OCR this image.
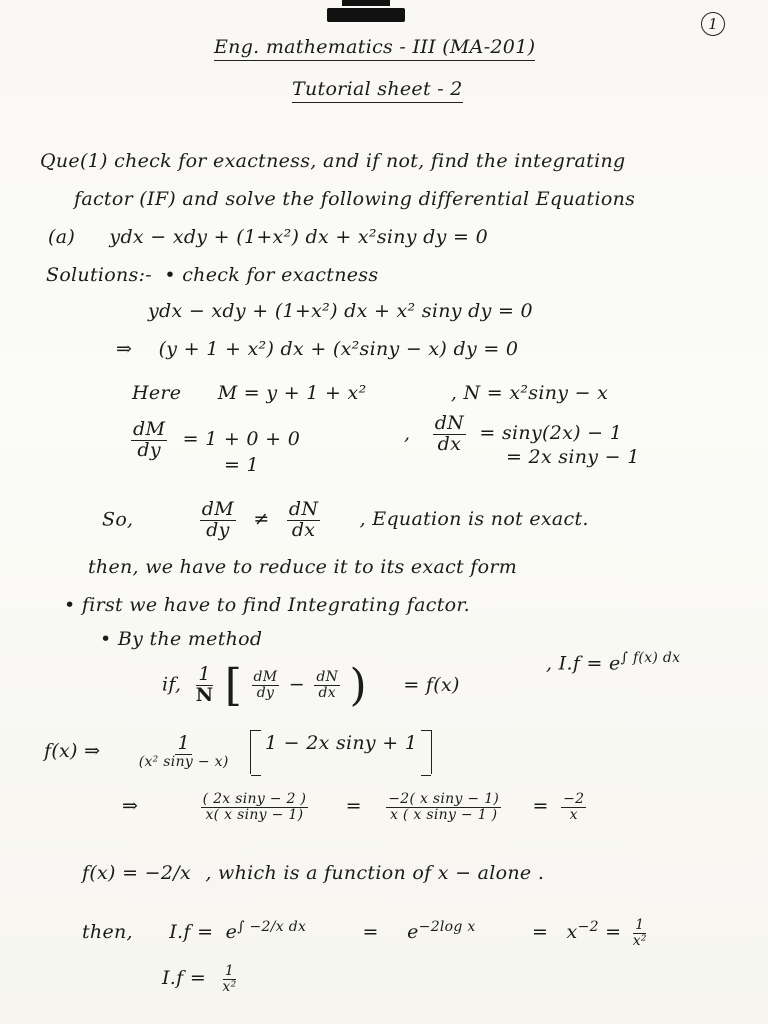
1
Eng. mathematics - III (MA-201)
Tutorial sheet - 2
Que(1) check for exactness, and if not, find the integrating
factor (IF) and solve the following differential Equations
(a) ydx − xdy + (1+x²) dx + x²siny dy = 0
Solutions:- • check for exactness
ydx − xdy + (1+x²) dx + x² siny dy = 0
⇒ (y + 1 + x²) dx + (x²siny − x) dy = 0
Here M = y + 1 + x²	, N = x²siny − x
$\frac{dM}{dy} = 1 + 0 + 0$
= 1
, $\frac{dN}{dx} = \sin y(2x) - 1$
= 2x siny − 1
So,	$\frac{dM}{dy} \ne \frac{dN}{dx}$ , Equation is not exact.
then, we have to reduce it to its exact form
• first we have to find Integrating factor.
• By the method
if, $\frac{1}{N}$ [ $\frac{dM}{dy} - \frac{dN}{dx}$ ) = f(x)
, $I.f = e^{\int f(x) dx}$
f(x) ⇒ $\frac{1}{\text{(x² siny − x)}} 1 - 2x$ siny + 1
⇒	$\frac{\text{( 2x siny − 2 )}}{\text{x( x siny − 1)}} = \frac{\text{−2( x siny − 1)}}{\text{x ( x siny − 1 )}} = \frac{-2}{x}$
f(x) = −2/x , which is a function of x − alone .
then, $I.f = e^{\int -2/x dx}$	= $e^{-2log x}$	= $x^{-2} = \frac{1}{\text{x²}}$
$I.f = \frac{1}{\text{x²}}$
